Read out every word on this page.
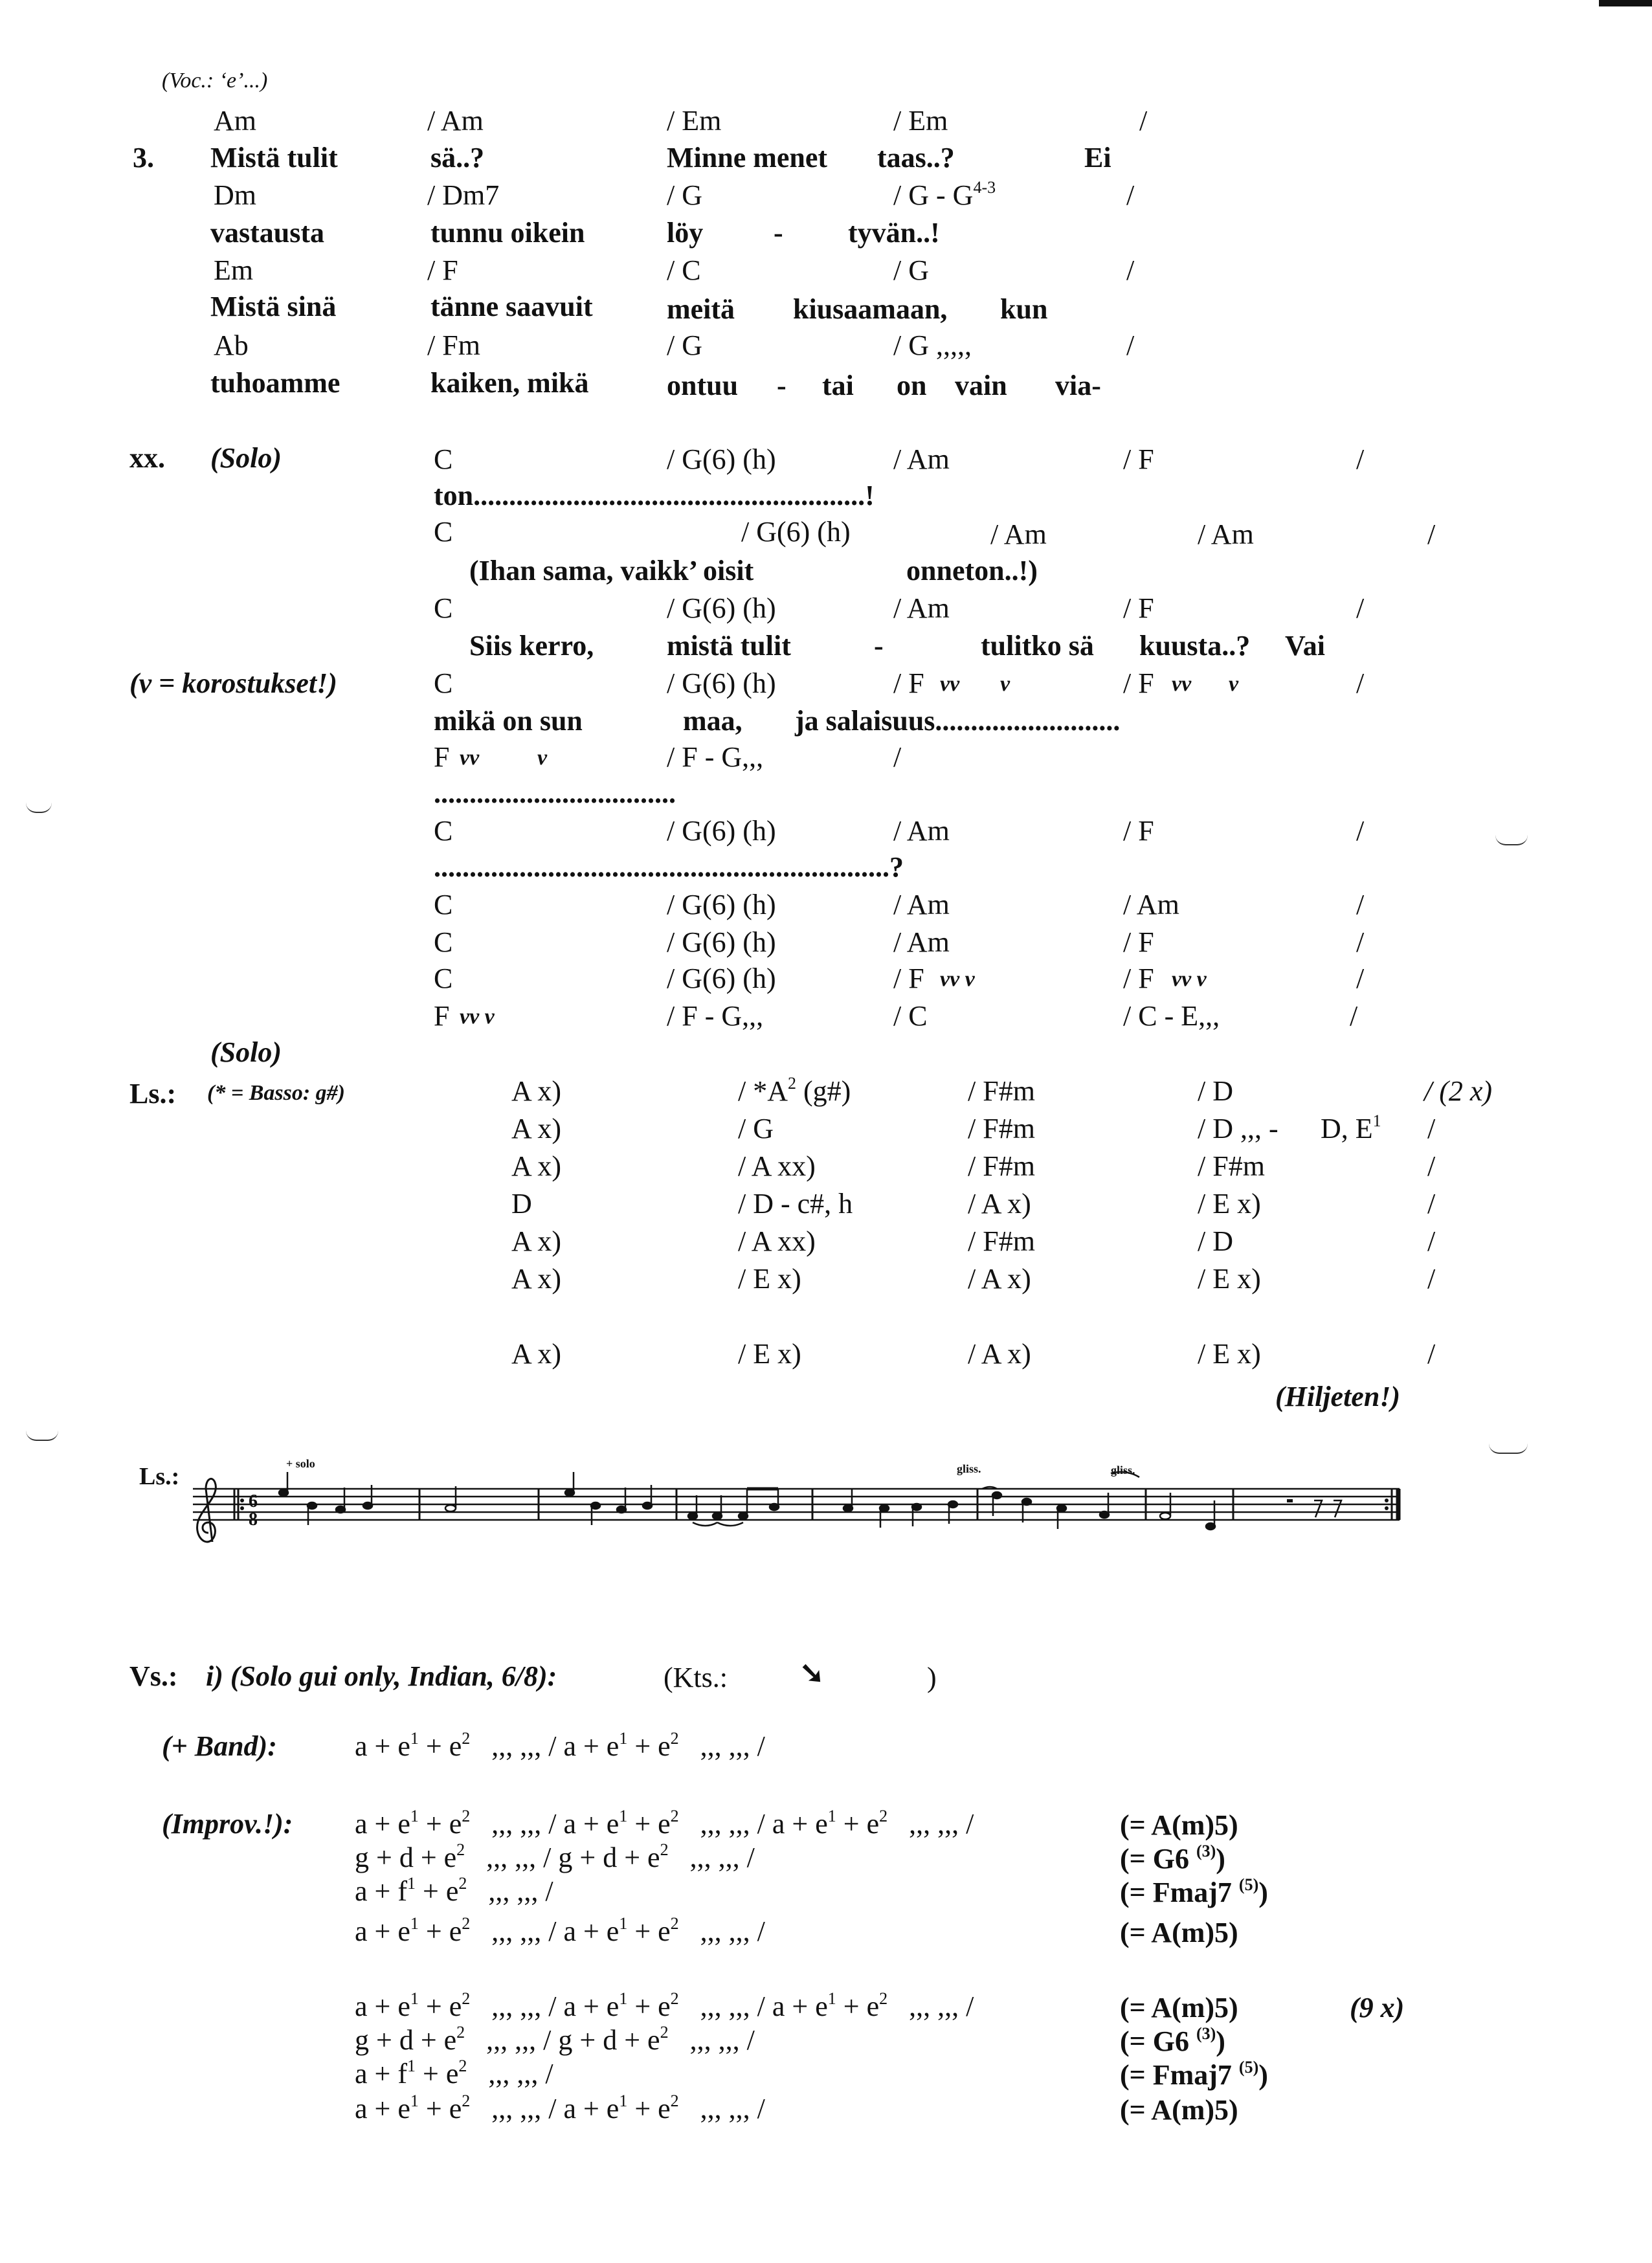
(Voc.: ‘e’...)
Am	/ Am	/ Em	/ Em	/
3. Mistä tulit	sä..?	Minne menet taas..?	Ei
Dm	/ Dm7	/ G	/ G - $G^{4-3}$	/
vastausta	tunnu oikein	löy - tyvän..!
Em	/ F	/ C	/ G	/
Mistä sinä	tänne saavuit	meitä kiusaamaan, kun
Ab	/ Fm	/ G	/ G ,,,,,	/
tuhoamme	kaiken, mikä	ontuu - tai on vain via-
xx. (Solo)	C	/ G(6) (h)	/ Am	/ F	/
ton.......................................................!
C	/ G(6) (h)	/ Am	/ Am	/
(Ihan sama, vaikk’ oisit	onneton..!)
C	/ G(6) (h)	/ Am	/ F	/
Siis kerro,	mistä tulit	-	tulitko sä kuusta..? Vai
(v = korostukset!)	C	/ G(6) (h)	/ F vv v	/ F vv v	/
mikä on sun	maa, ja salaisuus..........................
F vv	v	/ F - G,,,	/
..................................
C	/ G(6) (h)	/ Am	/ F	/
................................................................?
C	/ G(6) (h)	/ Am	/ Am	/
C	/ G(6) (h)	/ Am	/ F	/
C	/ G(6) (h)	/ F vv v	/ F vv v	/
F vv v	/ F - G,,,	/ C	/ C - E,,,	/
(Solo)
Ls.: (* = Basso: g#)	A x)	/ $*A^2$ (g#)	/ F#m	/ D	/ (2 x)
A x)	/ G	/ F#m	/ D ,,, - D, $E^1$ /
A x)	/ A xx)	/ F#m	/ F#m	/
D	/ D - c#, h	/ A x)	/ E x)	/
A x)	/ A xx)	/ F#m	/ D	/
A x)	/ E x)	/ A x)	/ E x)	/
A x)	/ E x)	/ A x)	/ E x)	/
(Hiljeten!)
Ls.:	+ solo	gliss.	gliss.
6
8
Vs.: i) (Solo gui only, Indian, 6/8):	(Kts.: ➘	)
(+ Band):	$a + e^1 + e^2$ ,,, ,,, / $a + e^1 + e^2$ ,,, ,,, /
(Improv.!): $a + e^1 + e^2$ ,,, ,,, / $a + e^1 + e^2$ ,,, ,,, / $a + e^1 + e^2$ ,,, ,,, /	(= A(m)5)
$g + d + e^2$ ,,, ,,, / $g + d + e^2$ ,,, ,,, /	(= G6 $^{(3)}$)
$a + f^1 + e^2$ ,,, ,,, /	(= Fmaj7 $^{(5)}$)
$a + e^1 + e^2$ ,,, ,,, / $a + e^1 + e^2$ ,,, ,,, /	(= A(m)5)
$a + e^1 + e^2$ ,,, ,,, / $a + e^1 + e^2$ ,,, ,,, / $a + e^1 + e^2$ ,,, ,,, /	(= A(m)5)	(9 x)
$g + d + e^2$ ,,, ,,, / $g + d + e^2$ ,,, ,,, /	(= G6 $^{(3)}$)
$a + f^1 + e^2$ ,,, ,,, /	(= Fmaj7 $^{(5)}$)
$a + e^1 + e^2$ ,,, ,,, / $a + e^1 + e^2$ ,,, ,,, /	(= A(m)5)
